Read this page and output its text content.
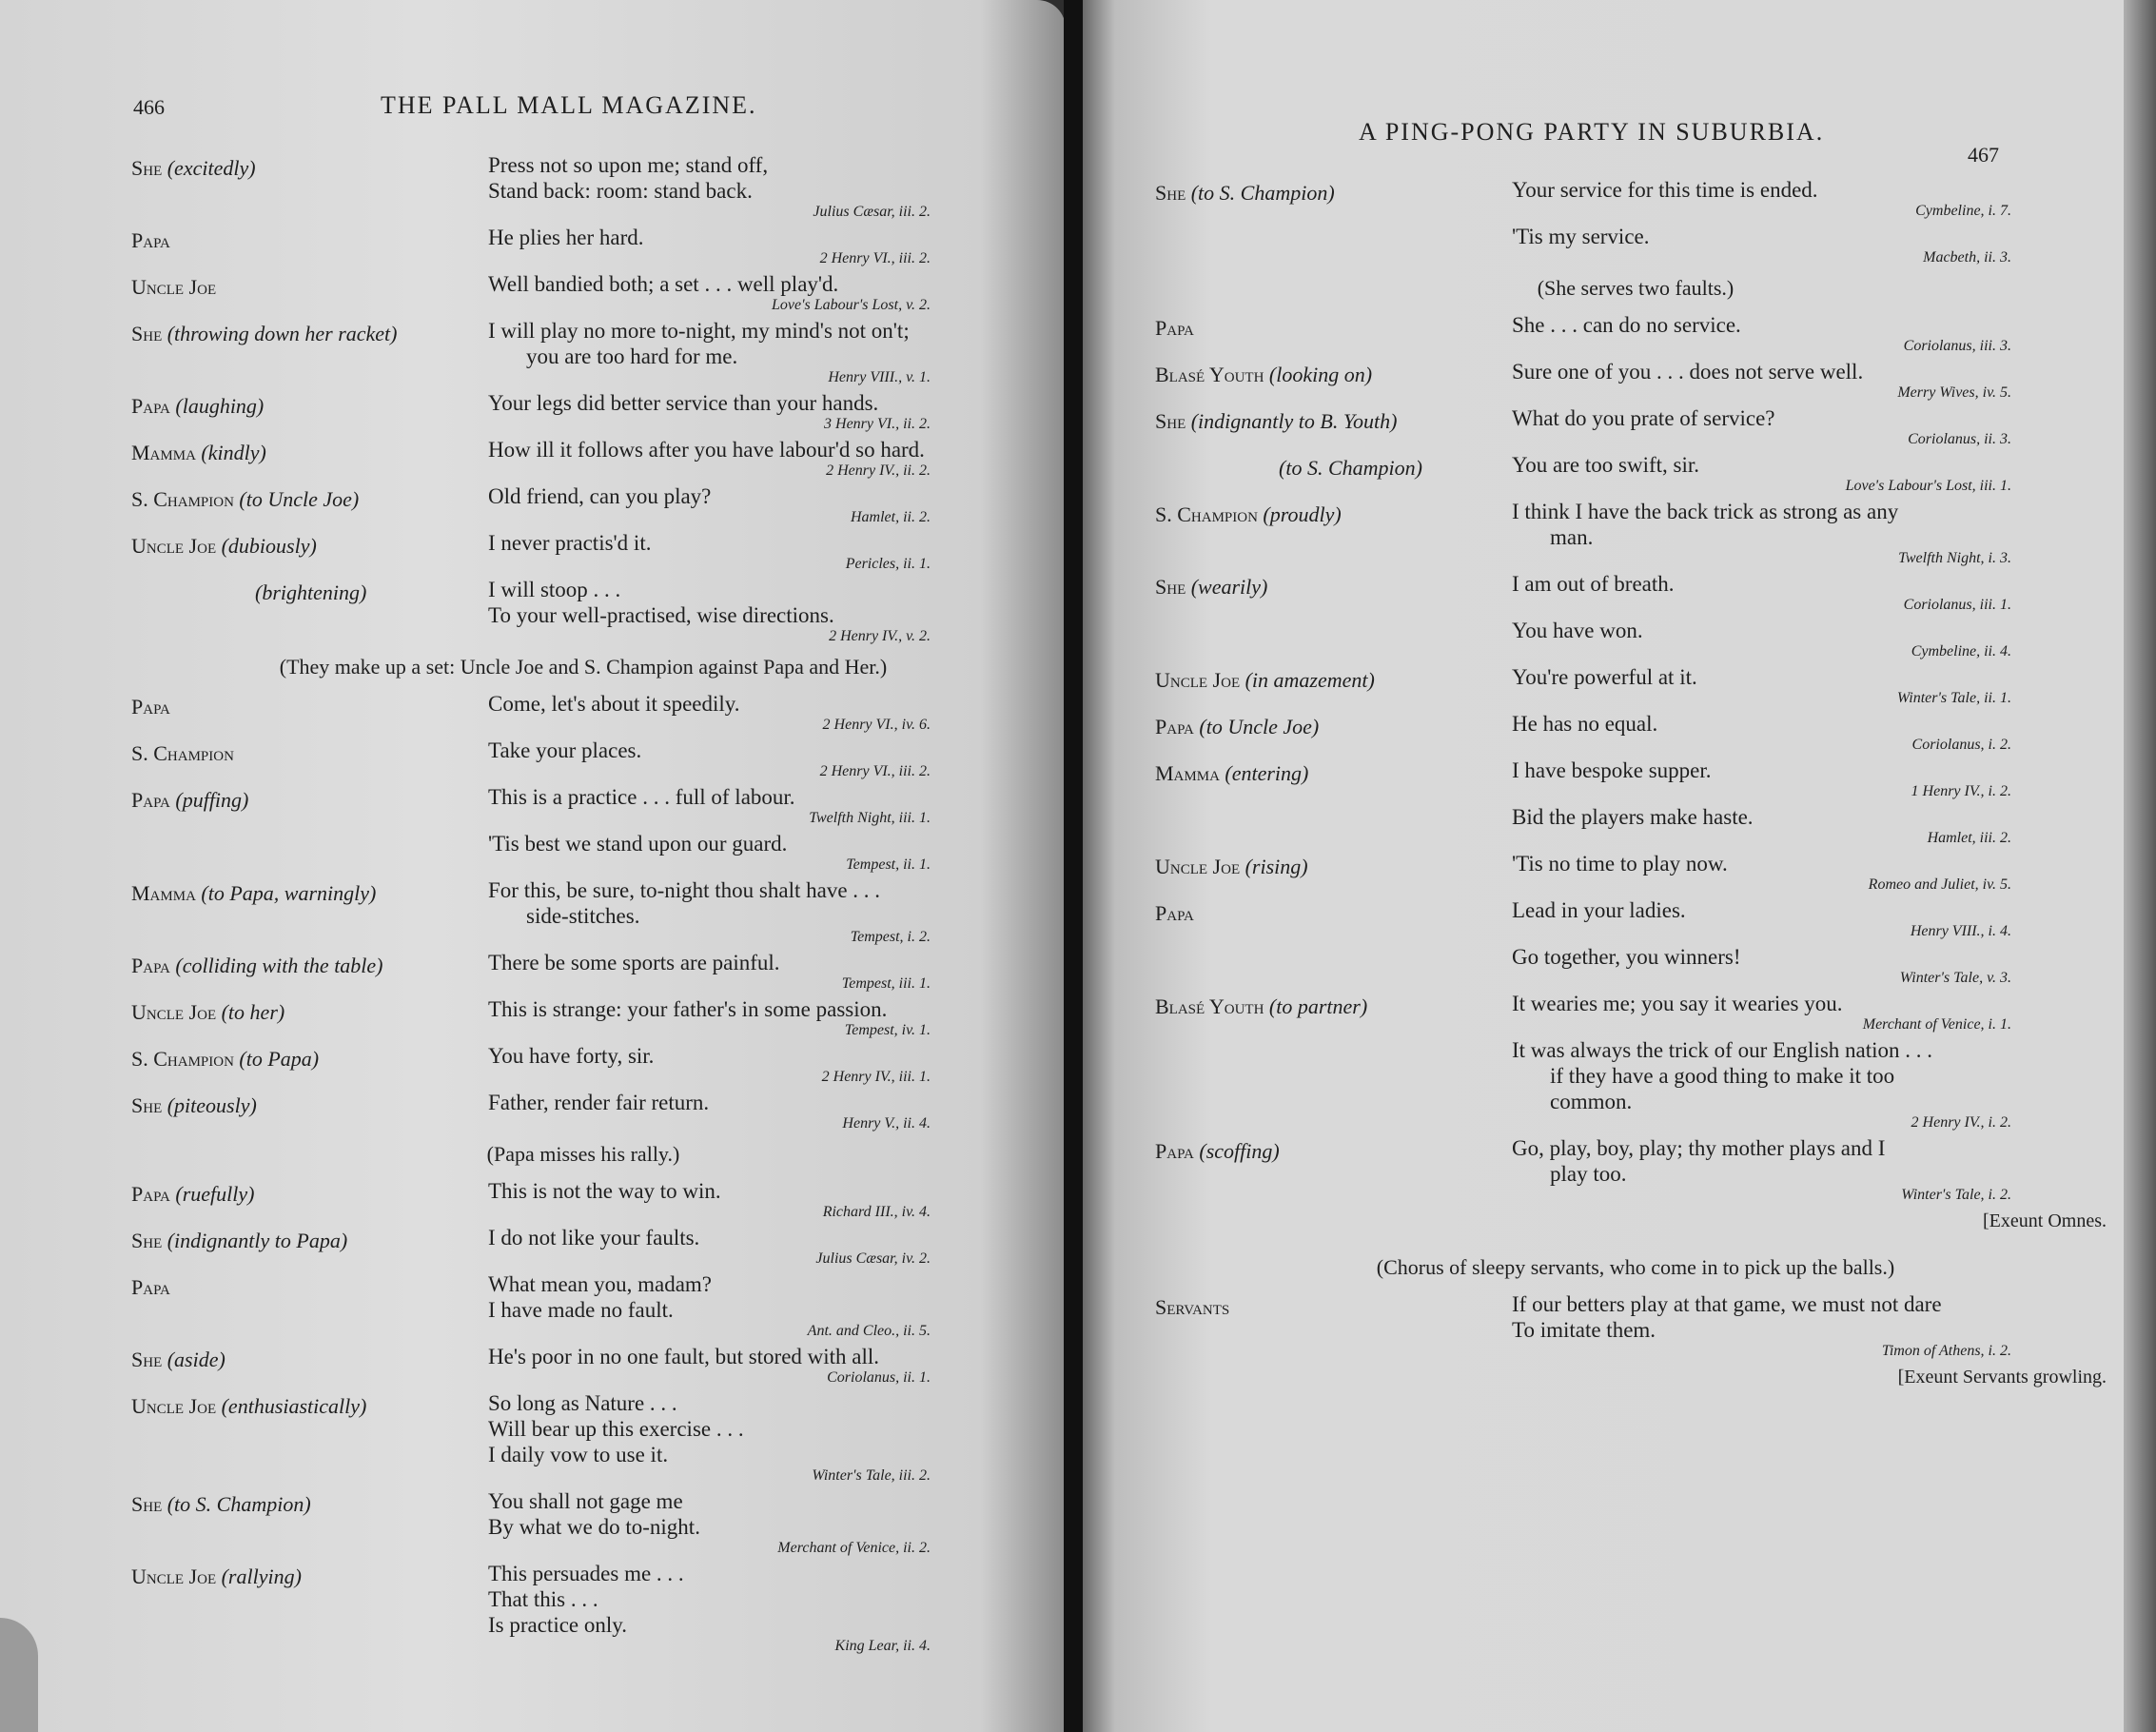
466	THE PALL MALL MAGAZINE.
She (excitedly)	Press not so upon me; stand off,
Stand back: room: stand back.
Julius Cæsar, iii. 2.
Papa	He plies her hard.
2 Henry VI., iii. 2.
Uncle Joe	Well bandied both; a set . . . well play'd.
Love's Labour's Lost, v. 2.
She (throwing down her racket)	I will play no more to-night, my mind's not on't;
you are too hard for me.
Henry VIII., v. 1.
Papa (laughing)	Your legs did better service than your hands.
3 Henry VI., ii. 2.
Mamma (kindly)	How ill it follows after you have labour'd so hard.
2 Henry IV., ii. 2.
S. Champion (to Uncle Joe)	Old friend, can you play?
Hamlet, ii. 2.
Uncle Joe (dubiously)	I never practis'd it.
Pericles, ii. 1.
(brightening)	I will stoop . . .
To your well-practised, wise directions.
2 Henry IV., v. 2.
(They make up a set: Uncle Joe and S. Champion against Papa and Her.)
Papa	Come, let's about it speedily.
2 Henry VI., iv. 6.
S. Champion	Take your places.
2 Henry VI., iii. 2.
Papa (puffing)	This is a practice . . . full of labour.
Twelfth Night, iii. 1.
'Tis best we stand upon our guard.
Tempest, ii. 1.
Mamma (to Papa, warningly)	For this, be sure, to-night thou shalt have . . .
side-stitches.
Tempest, i. 2.
Papa (colliding with the table)	There be some sports are painful.
Tempest, iii. 1.
Uncle Joe (to her)	This is strange: your father's in some passion.
Tempest, iv. 1.
S. Champion (to Papa)	You have forty, sir.
2 Henry IV., iii. 1.
She (piteously)	Father, render fair return.
Henry V., ii. 4.
(Papa misses his rally.)
Papa (ruefully)	This is not the way to win.
Richard III., iv. 4.
She (indignantly to Papa)	I do not like your faults.
Julius Cæsar, iv. 2.
Papa	What mean you, madam?
I have made no fault.
Ant. and Cleo., ii. 5.
She (aside)	He's poor in no one fault, but stored with all.
Coriolanus, ii. 1.
Uncle Joe (enthusiastically)	So long as Nature . . .
Will bear up this exercise . . .
I daily vow to use it.
Winter's Tale, iii. 2.
She (to S. Champion)	You shall not gage me
By what we do to-night.
Merchant of Venice, ii. 2.
Uncle Joe (rallying)	This persuades me . . .
That this . . .
Is practice only.
King Lear, ii. 4.
A PING-PONG PARTY IN SUBURBIA.
467
She (to S. Champion)	Your service for this time is ended.
Cymbeline, i. 7.
'Tis my service.
Macbeth, ii. 3.
(She serves two faults.)
Papa	She . . . can do no service.
Coriolanus, iii. 3.
Blasé Youth (looking on)	Sure one of you . . . does not serve well.
Merry Wives, iv. 5.
She (indignantly to B. Youth)	What do you prate of service?
Coriolanus, ii. 3.
(to S. Champion)	You are too swift, sir.
Love's Labour's Lost, iii. 1.
S. Champion (proudly)	I think I have the back trick as strong as any
man.
Twelfth Night, i. 3.
She (wearily)	I am out of breath.
Coriolanus, iii. 1.
You have won.
Cymbeline, ii. 4.
Uncle Joe (in amazement)	You're powerful at it.
Winter's Tale, ii. 1.
Papa (to Uncle Joe)	He has no equal.
Coriolanus, i. 2.
Mamma (entering)	I have bespoke supper.
1 Henry IV., i. 2.
Bid the players make haste.
Hamlet, iii. 2.
Uncle Joe (rising)	'Tis no time to play now.
Romeo and Juliet, iv. 5.
Papa	Lead in your ladies.
Henry VIII., i. 4.
Go together, you winners!
Winter's Tale, v. 3.
Blasé Youth (to partner)	It wearies me; you say it wearies you.
Merchant of Venice, i. 1.
It was always the trick of our English nation . . .
if they have a good thing to make it too
common.
2 Henry IV., i. 2.
Papa (scoffing)	Go, play, boy, play; thy mother plays and I
play too.
Winter's Tale, i. 2.
[Exeunt Omnes.
(Chorus of sleepy servants, who come in to pick up the balls.)
Servants	If our betters play at that game, we must not dare
To imitate them.
Timon of Athens, i. 2.
[Exeunt Servants growling.
